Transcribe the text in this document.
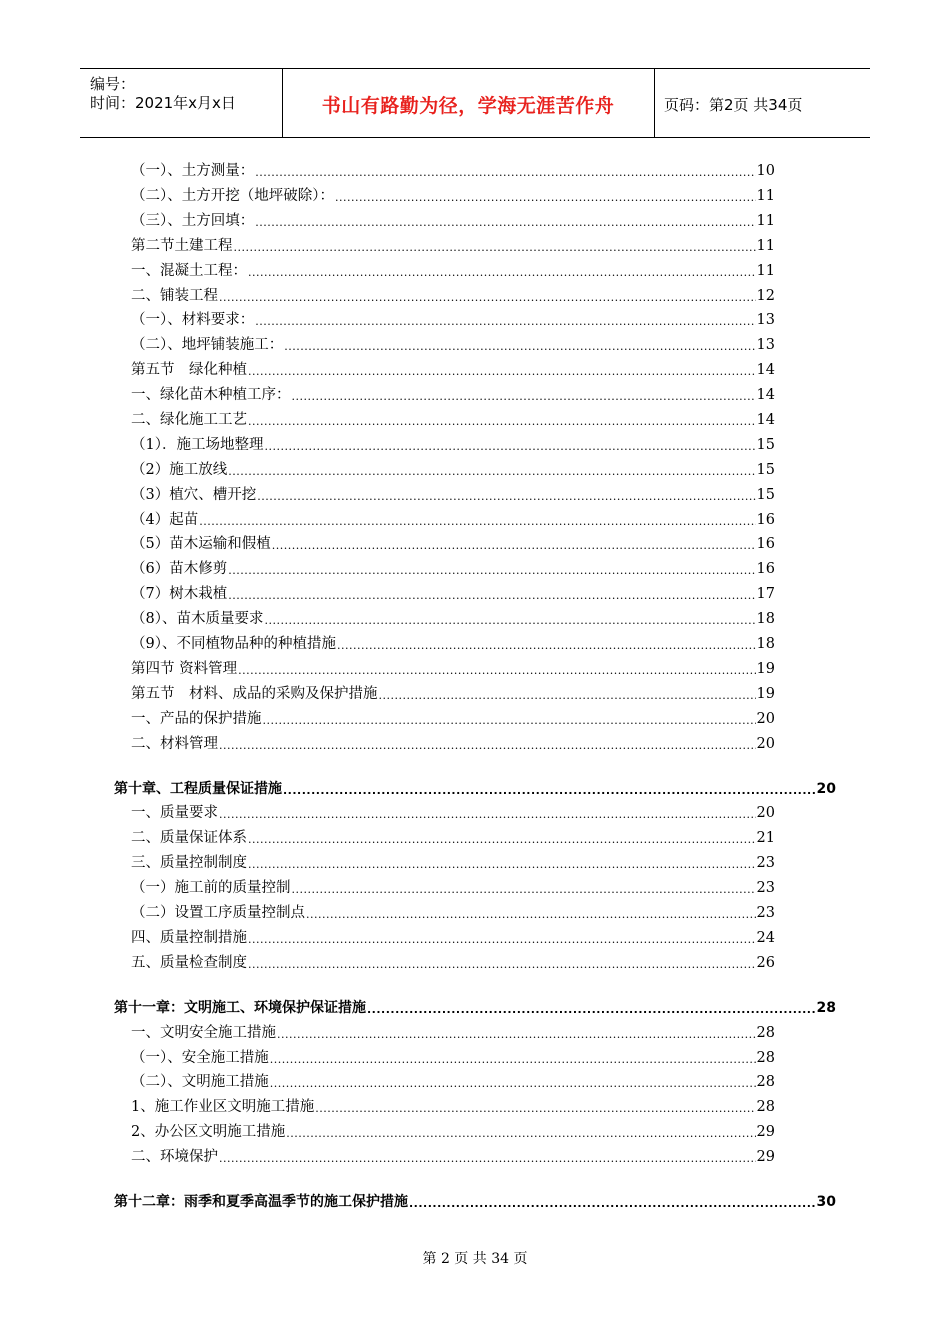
编号：
时间：2021年x月x日	书山有路勤为径，学海无涯苦作舟	页码：第2页 共34页
（一）、土方测量： .....	10
（二）、土方开挖（地坪破除）： .....	11
（三）、土方回填： .....	11
第二节土建工程 .....	11
一、混凝土工程： .....	11
二、铺装工程 .....	12
（一）、材料要求： .....	13
（二）、地坪铺装施工： .....	13
第五节　绿化种植 .....	14
一、绿化苗木种植工序： .....	14
二、绿化施工工艺 .....	14
（1）．施工场地整理 .....	15
（2）施工放线 .....	15
（3）植穴、槽开挖 .....	15
（4）起苗 .....	16
（5）苗木运输和假植 .....	16
（6）苗木修剪 .....	16
（7）树木栽植 .....	17
（8）、苗木质量要求 .....	18
（9）、不同植物品种的种植措施 .....	18
第四节 资料管理 .....	19
第五节　材料、成品的采购及保护措施 .....	19
一、产品的保护措施 .....	20
二、材料管理 .....	20
第十章、工程质量保证措施 .....	20
一、质量要求 .....	20
二、质量保证体系 .....	21
三、质量控制制度 .....	23
（一）施工前的质量控制 .....	23
（二）设置工序质量控制点 .....	23
四、质量控制措施 .....	24
五、质量检查制度 .....	26
第十一章：文明施工、环境保护保证措施 .....	28
一、文明安全施工措施 .....	28
（一）、安全施工措施 .....	28
（二）、文明施工措施 .....	28
1、施工作业区文明施工措施 .....	28
2、办公区文明施工措施 .....	29
二、环境保护 .....	29
第十二章：雨季和夏季高温季节的施工保护措施 .....	30
第 2 页 共 34 页
